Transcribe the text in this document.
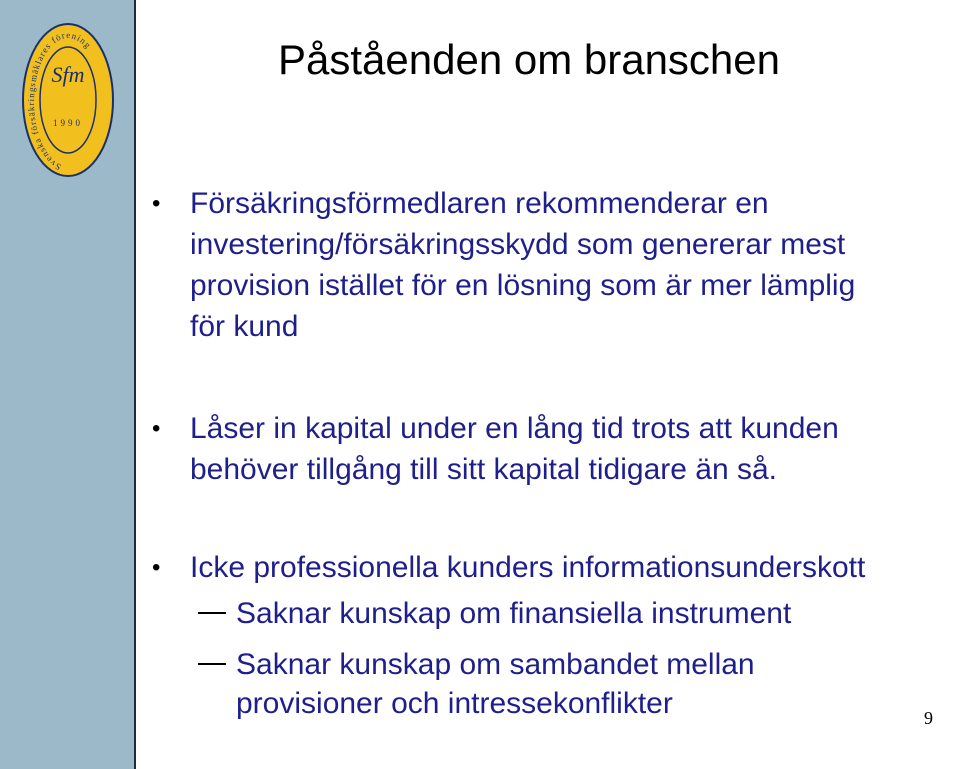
Svenska försäkringsmäklares förening
Sfm
1990
Påståenden om branschen
• Försäkringsförmedlaren rekommenderar en
investering/försäkringsskydd som genererar mest
provision istället för en lösning som är mer lämplig
för kund
• Låser in kapital under en lång tid trots att kunden
behöver tillgång till sitt kapital tidigare än så.
• Icke professionella kunders informationsunderskott
Saknar kunskap om finansiella instrument
Saknar kunskap om sambandet mellan
provisioner och intressekonflikter	9
